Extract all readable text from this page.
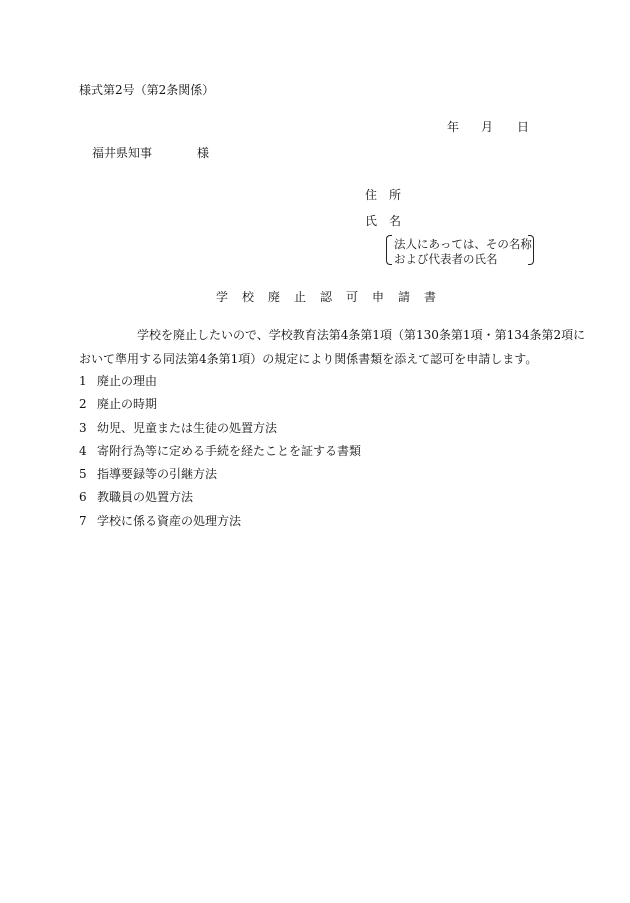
様式第2号（第2条関係）
年 月 日
福井県知事	様
住　所
氏　名
法人にあっては、その名称
および代表者の氏名
学校廃止認可申請書
学校を廃止したいので、学校教育法第4条第1項（第130条第1項・第134条第2項に
おいて準用する同法第4条第1項）の規定により関係書類を添えて認可を申請します。
1 廃止の理由
2 廃止の時期
3 幼児、児童または生徒の処置方法
4 寄附行為等に定める手続を経たことを証する書類
5 指導要録等の引継方法
6 教職員の処置方法
7 学校に係る資産の処理方法
